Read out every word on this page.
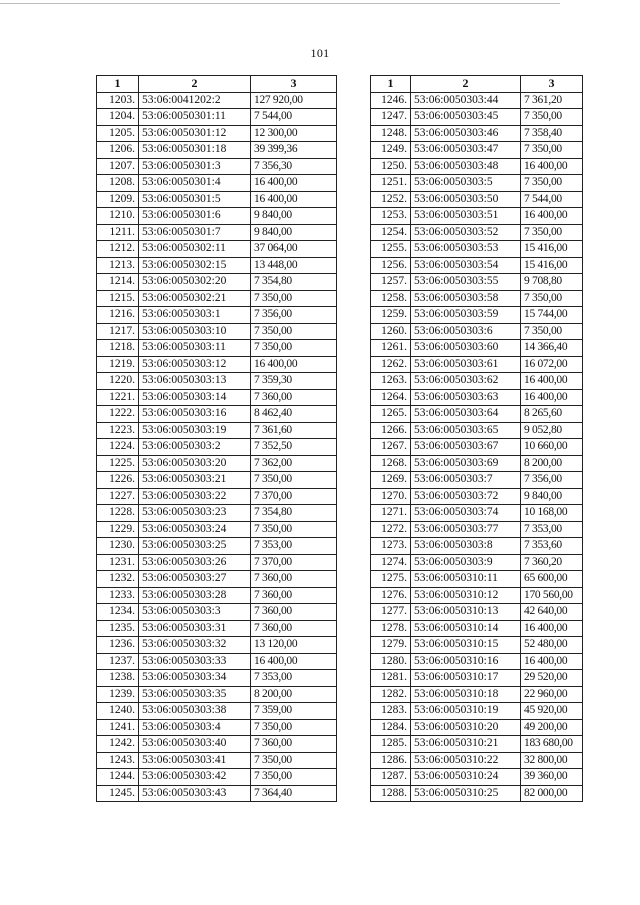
101
1	2	3
1203.	53:06:0041202:2	127 920,00
1204.	53:06:0050301:11	7 544,00
1205.	53:06:0050301:12	12 300,00
1206.	53:06:0050301:18	39 399,36
1207.	53:06:0050301:3	7 356,30
1208.	53:06:0050301:4	16 400,00
1209.	53:06:0050301:5	16 400,00
1210.	53:06:0050301:6	9 840,00
1211.	53:06:0050301:7	9 840,00
1212.	53:06:0050302:11	37 064,00
1213.	53:06:0050302:15	13 448,00
1214.	53:06:0050302:20	7 354,80
1215.	53:06:0050302:21	7 350,00
1216.	53:06:0050303:1	7 356,00
1217.	53:06:0050303:10	7 350,00
1218.	53:06:0050303:11	7 350,00
1219.	53:06:0050303:12	16 400,00
1220.	53:06:0050303:13	7 359,30
1221.	53:06:0050303:14	7 360,00
1222.	53:06:0050303:16	8 462,40
1223.	53:06:0050303:19	7 361,60
1224.	53:06:0050303:2	7 352,50
1225.	53:06:0050303:20	7 362,00
1226.	53:06:0050303:21	7 350,00
1227.	53:06:0050303:22	7 370,00
1228.	53:06:0050303:23	7 354,80
1229.	53:06:0050303:24	7 350,00
1230.	53:06:0050303:25	7 353,00
1231.	53:06:0050303:26	7 370,00
1232.	53:06:0050303:27	7 360,00
1233.	53:06:0050303:28	7 360,00
1234.	53:06:0050303:3	7 360,00
1235.	53:06:0050303:31	7 360,00
1236.	53:06:0050303:32	13 120,00
1237.	53:06:0050303:33	16 400,00
1238.	53:06:0050303:34	7 353,00
1239.	53:06:0050303:35	8 200,00
1240.	53:06:0050303:38	7 359,00
1241.	53:06:0050303:4	7 350,00
1242.	53:06:0050303:40	7 360,00
1243.	53:06:0050303:41	7 350,00
1244.	53:06:0050303:42	7 350,00
1245.	53:06:0050303:43	7 364,40
1	2	3
1246.	53:06:0050303:44	7 361,20
1247.	53:06:0050303:45	7 350,00
1248.	53:06:0050303:46	7 358,40
1249.	53:06:0050303:47	7 350,00
1250.	53:06:0050303:48	16 400,00
1251.	53:06:0050303:5	7 350,00
1252.	53:06:0050303:50	7 544,00
1253.	53:06:0050303:51	16 400,00
1254.	53:06:0050303:52	7 350,00
1255.	53:06:0050303:53	15 416,00
1256.	53:06:0050303:54	15 416,00
1257.	53:06:0050303:55	9 708,80
1258.	53:06:0050303:58	7 350,00
1259.	53:06:0050303:59	15 744,00
1260.	53:06:0050303:6	7 350,00
1261.	53:06:0050303:60	14 366,40
1262.	53:06:0050303:61	16 072,00
1263.	53:06:0050303:62	16 400,00
1264.	53:06:0050303:63	16 400,00
1265.	53:06:0050303:64	8 265,60
1266.	53:06:0050303:65	9 052,80
1267.	53:06:0050303:67	10 660,00
1268.	53:06:0050303:69	8 200,00
1269.	53:06:0050303:7	7 356,00
1270.	53:06:0050303:72	9 840,00
1271.	53:06:0050303:74	10 168,00
1272.	53:06:0050303:77	7 353,00
1273.	53:06:0050303:8	7 353,60
1274.	53:06:0050303:9	7 360,20
1275.	53:06:0050310:11	65 600,00
1276.	53:06:0050310:12	170 560,00
1277.	53:06:0050310:13	42 640,00
1278.	53:06:0050310:14	16 400,00
1279.	53:06:0050310:15	52 480,00
1280.	53:06:0050310:16	16 400,00
1281.	53:06:0050310:17	29 520,00
1282.	53:06:0050310:18	22 960,00
1283.	53:06:0050310:19	45 920,00
1284.	53:06:0050310:20	49 200,00
1285.	53:06:0050310:21	183 680,00
1286.	53:06:0050310:22	32 800,00
1287.	53:06:0050310:24	39 360,00
1288.	53:06:0050310:25	82 000,00
